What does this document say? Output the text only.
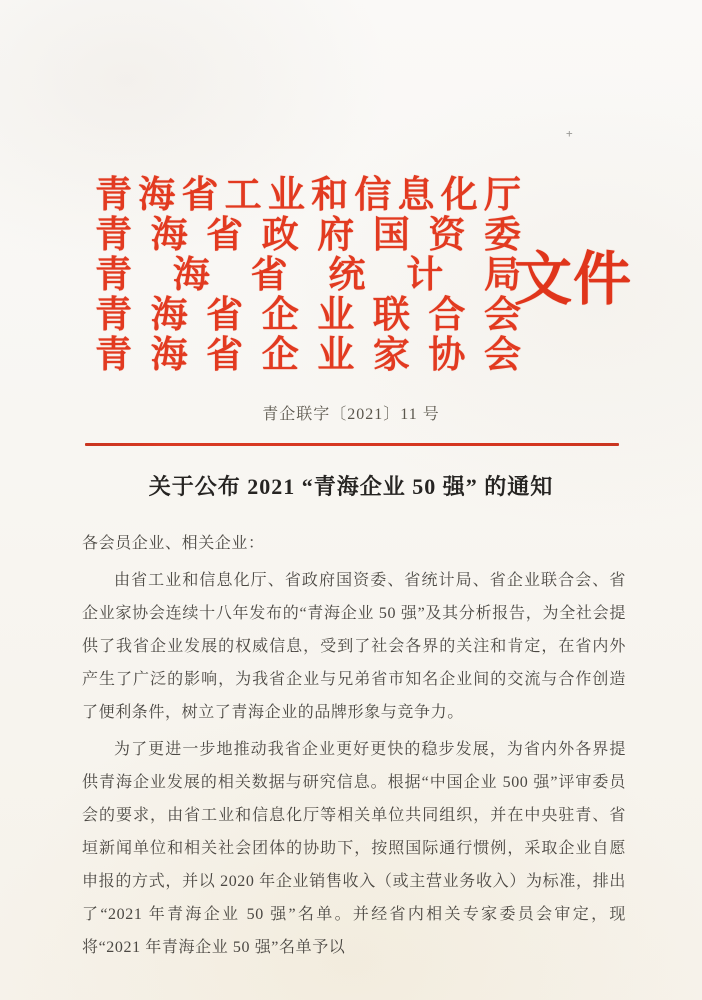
+
青 海 省 工 业 和 信 息 化 厅
青 海 省 政 府 国 资 委
青 海 省 统 计 局
青 海 省 企 业 联 合 会
青 海 省 企 业 家 协 会
文件
青企联字〔2021〕11 号
关于公布 2021 “青海企业 50 强” 的通知

各会员企业、相关企业：

由省工业和信息化厅、省政府国资委、省统计局、省企业联合会、省企业家协会连续十八年发布的“青海企业 50 强”及其分析报告，为全社会提供了我省企业发展的权威信息，受到了社会各界的关注和肯定，在省内外产生了广泛的影响，为我省企业与兄弟省市知名企业间的交流与合作创造了便利条件，树立了青海企业的品牌形象与竞争力。

为了更进一步地推动我省企业更好更快的稳步发展，为省内外各界提供青海企业发展的相关数据与研究信息。根据“中国企业 500 强”评审委员会的要求，由省工业和信息化厅等相关单位共同组织，并在中央驻青、省垣新闻单位和相关社会团体的协助下，按照国际通行惯例，采取企业自愿申报的方式，并以 2020 年企业销售收入（或主营业务收入）为标准，排出了“2021 年青海企业 50 强”名单。并经省内相关专家委员会审定，现将“2021 年青海企业 50 强”名单予以
